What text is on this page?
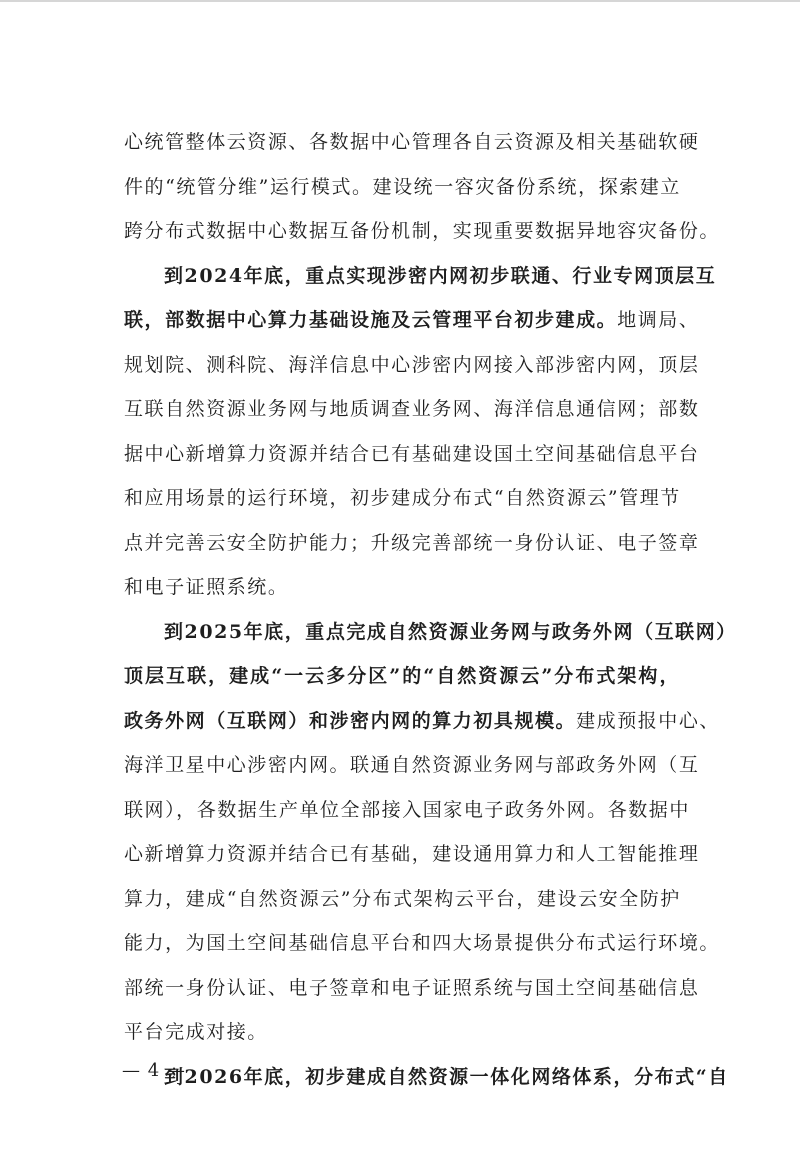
心统管整体云资源、各数据中心管理各自云资源及相关基础软硬
件的“统管分维”运行模式。建设统一容灾备份系统，探索建立
跨分布式数据中心数据互备份机制，实现重要数据异地容灾备份。
到2024年底，重点实现涉密内网初步联通、行业专网顶层互
联，部数据中心算力基础设施及云管理平台初步建成。地调局、
规划院、测科院、海洋信息中心涉密内网接入部涉密内网，顶层
互联自然资源业务网与地质调查业务网、海洋信息通信网；部数
据中心新增算力资源并结合已有基础建设国土空间基础信息平台
和应用场景的运行环境，初步建成分布式“自然资源云”管理节
点并完善云安全防护能力；升级完善部统一身份认证、电子签章
和电子证照系统。
到2025年底，重点完成自然资源业务网与政务外网（互联网）
顶层互联，建成“一云多分区”的“自然资源云”分布式架构，
政务外网（互联网）和涉密内网的算力初具规模。建成预报中心、
海洋卫星中心涉密内网。联通自然资源业务网与部政务外网（互
联网），各数据生产单位全部接入国家电子政务外网。各数据中
心新增算力资源并结合已有基础，建设通用算力和人工智能推理
算力，建成“自然资源云”分布式架构云平台，建设云安全防护
能力，为国土空间基础信息平台和四大场景提供分布式运行环境。
部统一身份认证、电子签章和电子证照系统与国土空间基础信息
平台完成对接。
到2026年底，初步建成自然资源一体化网络体系，分布式“自
— 4 —
